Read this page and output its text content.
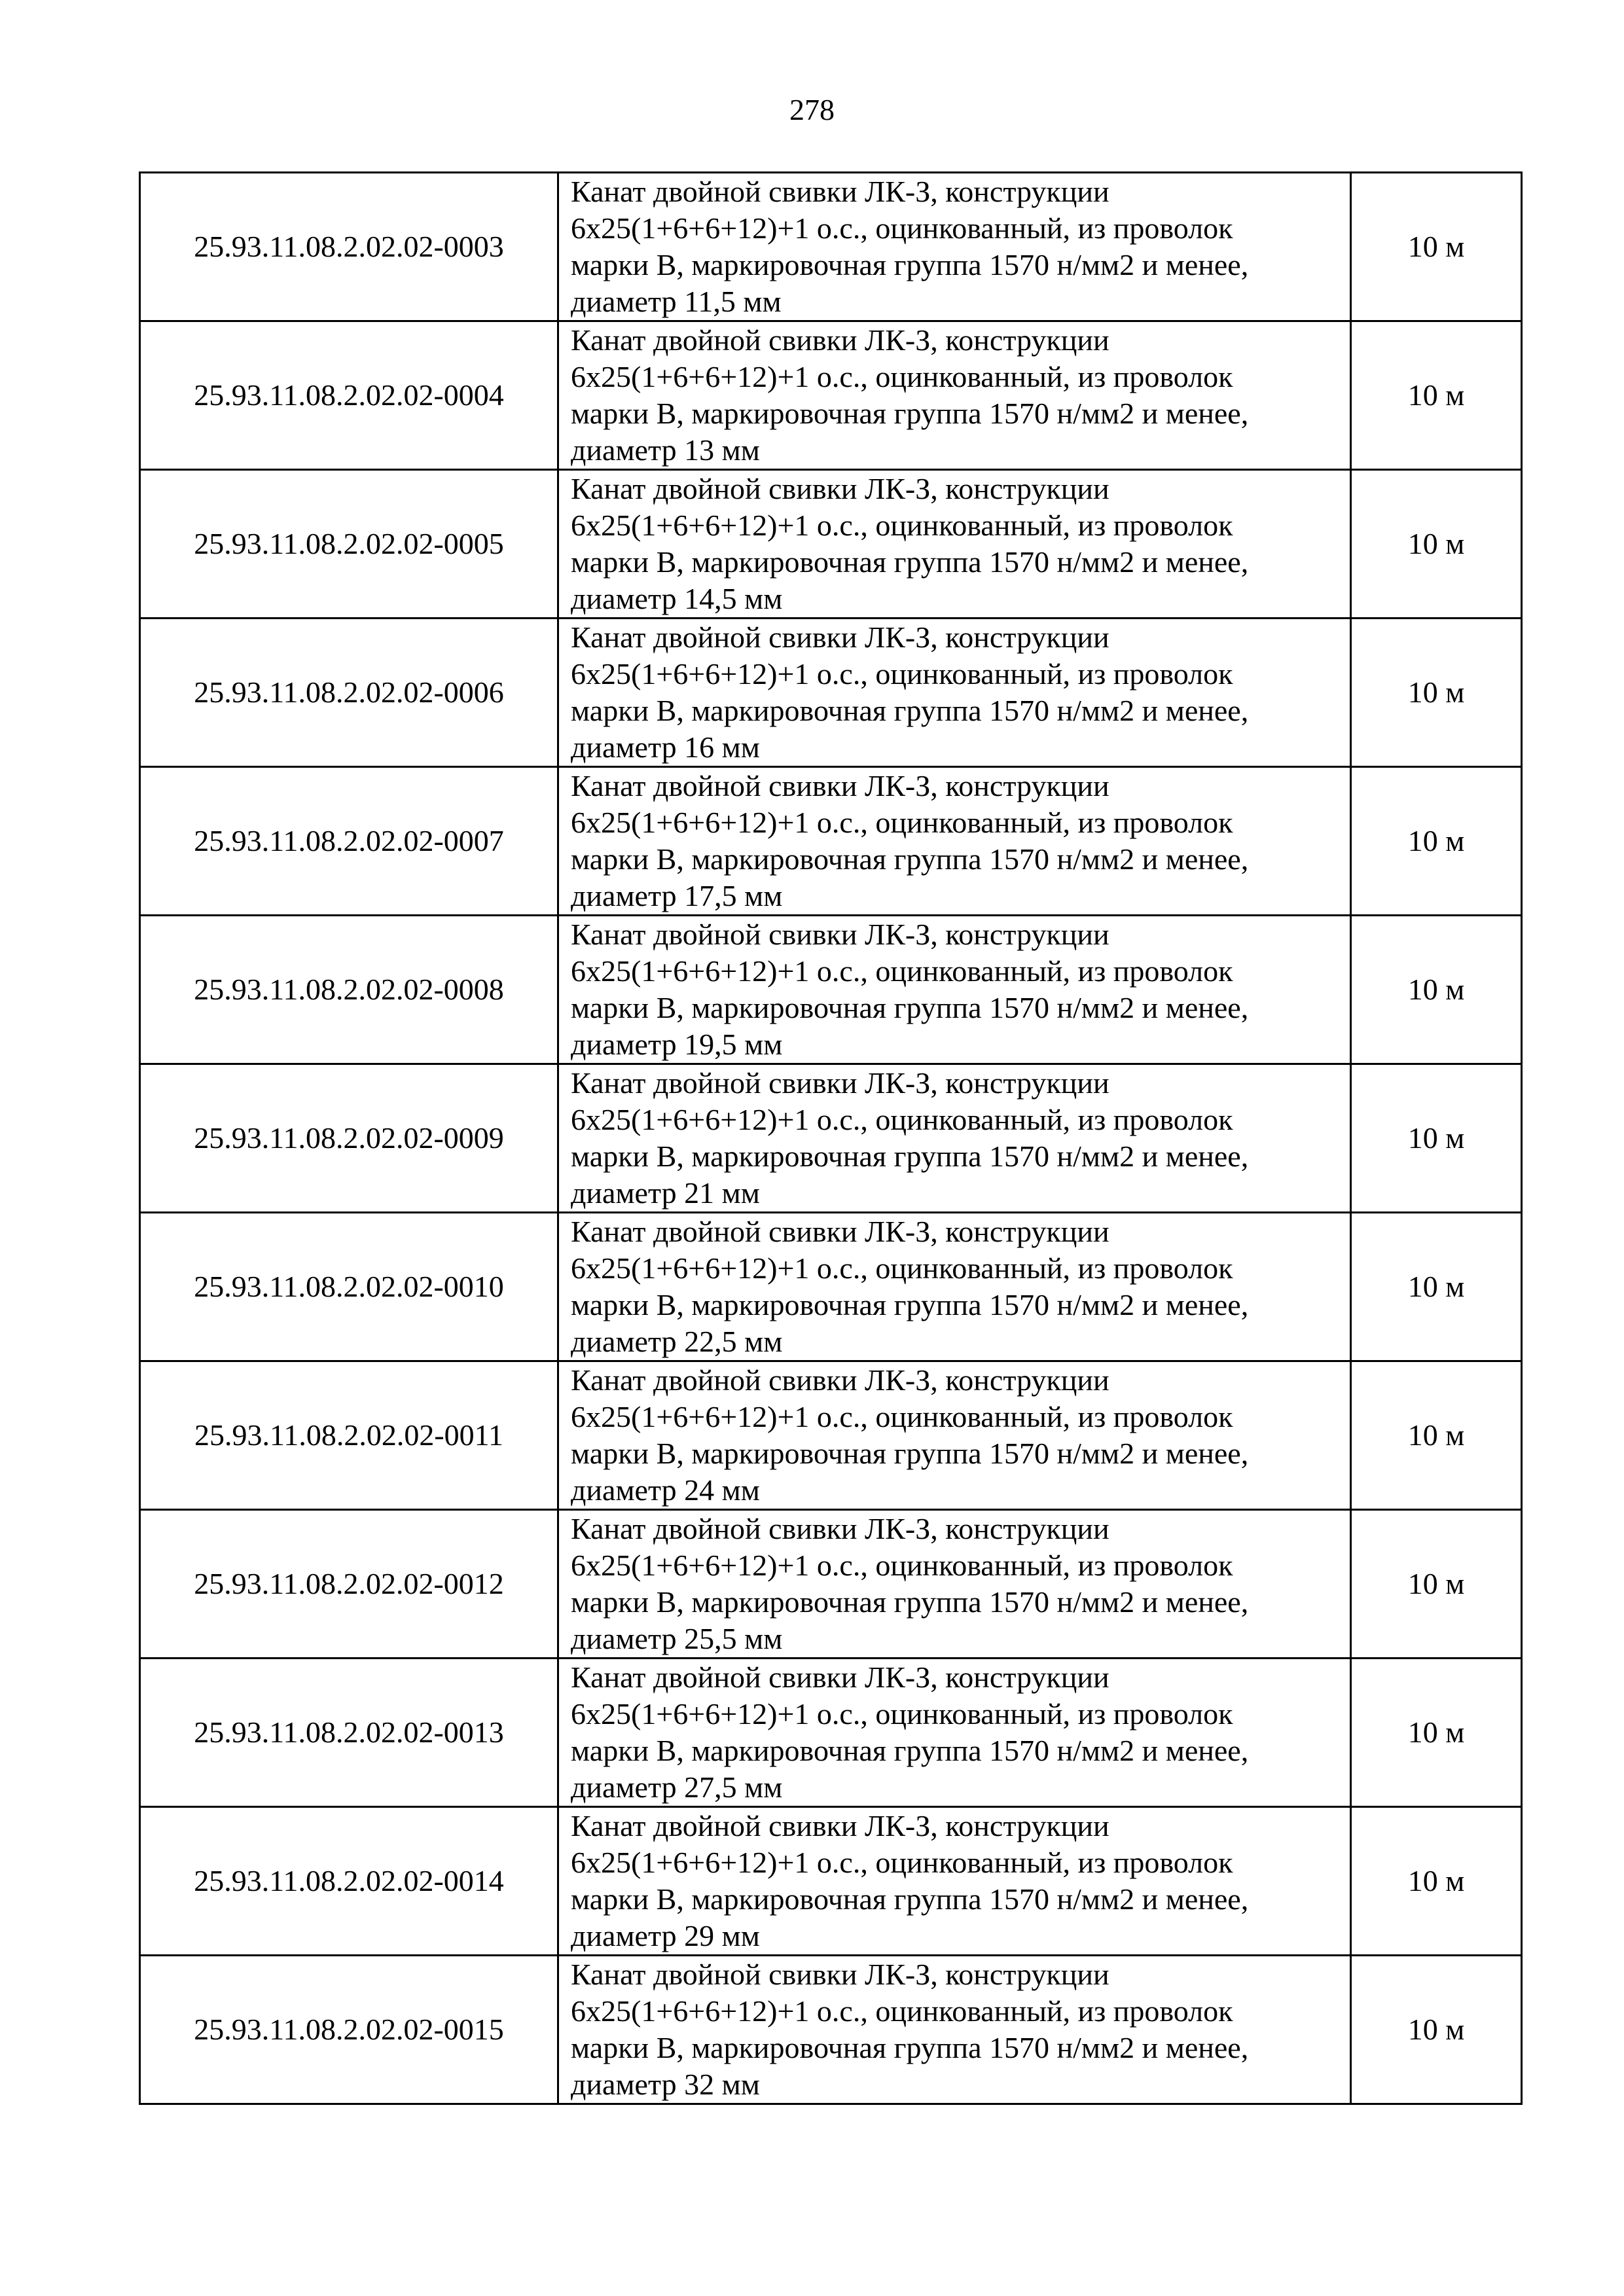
278
25.93.11.08.2.02.02-0003	Канат двойной свивки ЛК-З, конструкции
6х25(1+6+6+12)+1 о.с., оцинкованный, из проволок
марки В, маркировочная группа 1570 н/мм2 и менее,
диаметр 11,5 мм	10 м
25.93.11.08.2.02.02-0004	Канат двойной свивки ЛК-З, конструкции
6х25(1+6+6+12)+1 о.с., оцинкованный, из проволок
марки В, маркировочная группа 1570 н/мм2 и менее,
диаметр 13 мм	10 м
25.93.11.08.2.02.02-0005	Канат двойной свивки ЛК-З, конструкции
6х25(1+6+6+12)+1 о.с., оцинкованный, из проволок
марки В, маркировочная группа 1570 н/мм2 и менее,
диаметр 14,5 мм	10 м
25.93.11.08.2.02.02-0006	Канат двойной свивки ЛК-З, конструкции
6х25(1+6+6+12)+1 о.с., оцинкованный, из проволок
марки В, маркировочная группа 1570 н/мм2 и менее,
диаметр 16 мм	10 м
25.93.11.08.2.02.02-0007	Канат двойной свивки ЛК-З, конструкции
6х25(1+6+6+12)+1 о.с., оцинкованный, из проволок
марки В, маркировочная группа 1570 н/мм2 и менее,
диаметр 17,5 мм	10 м
25.93.11.08.2.02.02-0008	Канат двойной свивки ЛК-З, конструкции
6х25(1+6+6+12)+1 о.с., оцинкованный, из проволок
марки В, маркировочная группа 1570 н/мм2 и менее,
диаметр 19,5 мм	10 м
25.93.11.08.2.02.02-0009	Канат двойной свивки ЛК-З, конструкции
6х25(1+6+6+12)+1 о.с., оцинкованный, из проволок
марки В, маркировочная группа 1570 н/мм2 и менее,
диаметр 21 мм	10 м
25.93.11.08.2.02.02-0010	Канат двойной свивки ЛК-З, конструкции
6х25(1+6+6+12)+1 о.с., оцинкованный, из проволок
марки В, маркировочная группа 1570 н/мм2 и менее,
диаметр 22,5 мм	10 м
25.93.11.08.2.02.02-0011	Канат двойной свивки ЛК-З, конструкции
6х25(1+6+6+12)+1 о.с., оцинкованный, из проволок
марки В, маркировочная группа 1570 н/мм2 и менее,
диаметр 24 мм	10 м
25.93.11.08.2.02.02-0012	Канат двойной свивки ЛК-З, конструкции
6х25(1+6+6+12)+1 о.с., оцинкованный, из проволок
марки В, маркировочная группа 1570 н/мм2 и менее,
диаметр 25,5 мм	10 м
25.93.11.08.2.02.02-0013	Канат двойной свивки ЛК-З, конструкции
6х25(1+6+6+12)+1 о.с., оцинкованный, из проволок
марки В, маркировочная группа 1570 н/мм2 и менее,
диаметр 27,5 мм	10 м
25.93.11.08.2.02.02-0014	Канат двойной свивки ЛК-З, конструкции
6х25(1+6+6+12)+1 о.с., оцинкованный, из проволок
марки В, маркировочная группа 1570 н/мм2 и менее,
диаметр 29 мм	10 м
25.93.11.08.2.02.02-0015	Канат двойной свивки ЛК-З, конструкции
6х25(1+6+6+12)+1 о.с., оцинкованный, из проволок
марки В, маркировочная группа 1570 н/мм2 и менее,
диаметр 32 мм	10 м
